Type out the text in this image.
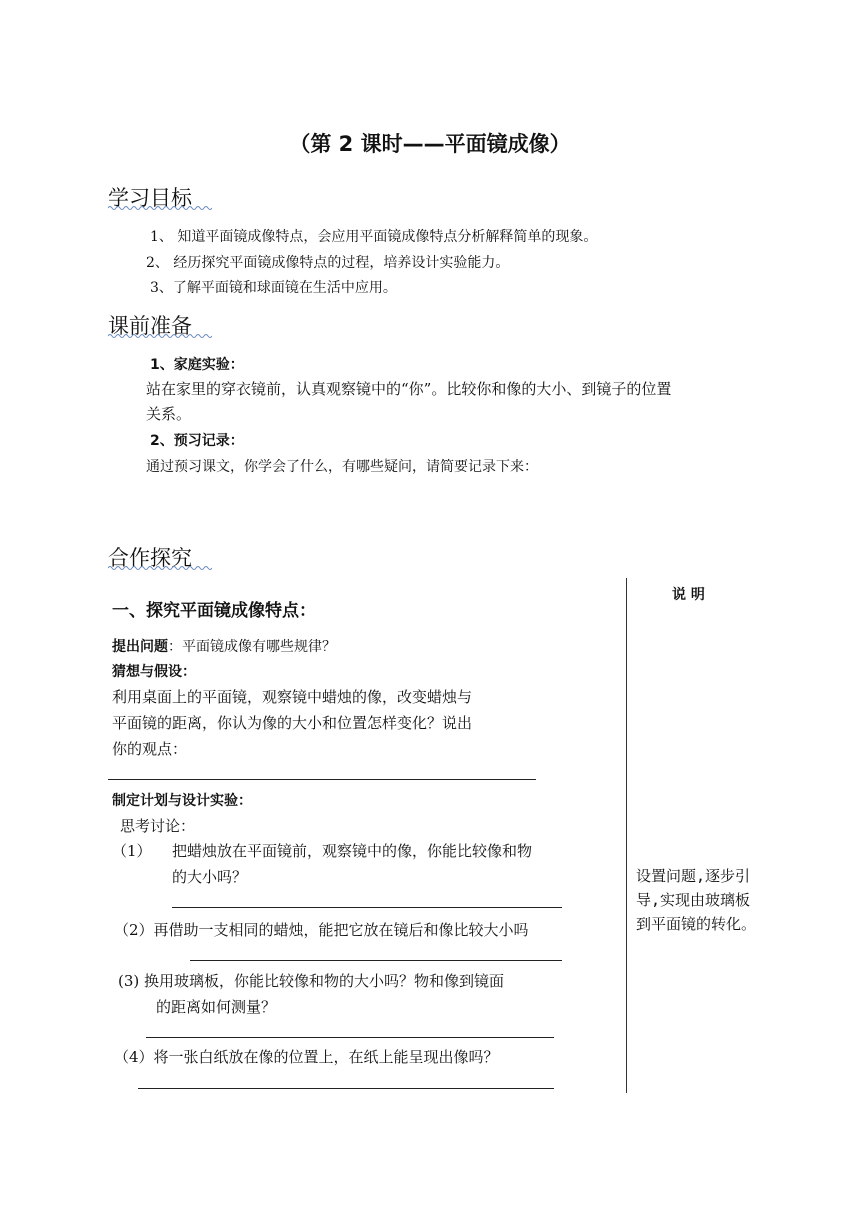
（第 2 课时——平面镜成像）
学习目标
1、 知道平面镜成像特点，会应用平面镜成像特点分析解释简单的现象。
2、 经历探究平面镜成像特点的过程，培养设计实验能力。
3、了解平面镜和球面镜在生活中应用。
课前准备
1、家庭实验：
站在家里的穿衣镜前，认真观察镜中的“你”。比较你和像的大小、到镜子的位置
关系。
2、预习记录：
通过预习课文，你学会了什么，有哪些疑问，请简要记录下来：
合作探究
一、探究平面镜成像特点：
提出问题：平面镜成像有哪些规律？
猜想与假设：
利用桌面上的平面镜，观察镜中蜡烛的像，改变蜡烛与
平面镜的距离，你认为像的大小和位置怎样变化？说出
你的观点：
制定计划与设计实验：
思考讨论：
（1） 把蜡烛放在平面镜前，观察镜中的像，你能比较像和物
的大小吗？
（2）再借助一支相同的蜡烛，能把它放在镜后和像比较大小吗
(3) 换用玻璃板，你能比较像和物的大小吗？物和像到镜面
的距离如何测量？
（4）将一张白纸放在像的位置上，在纸上能呈现出像吗？
说 明
设置问题,逐步引导,实现由玻璃板到平面镜的转化。
